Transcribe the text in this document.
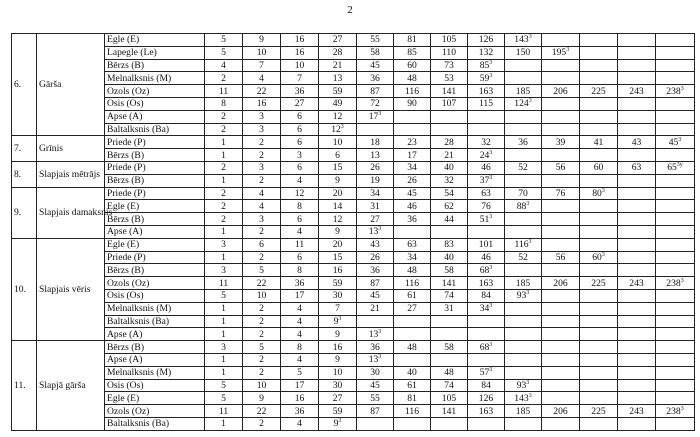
2
6.	Gārša	Egle (E)	5	9	16	27	55	81	105	126	$143^3$				
		Lapegle (Le)	5	10	16	28	58	85	110	132	150	$195^3$			
		Bērzs (B)	4	7	10	21	45	60	73	$85^3$					
		Melnalksnis (M)	2	4	7	13	36	48	53	$59^3$					
		Ozols (Oz)	11	22	36	59	87	116	141	163	185	206	225	243	$238^3$
		Osis (Os)	8	16	27	49	72	90	107	115	$124^3$				
		Apse (A)	2	3	6	12	$17^3$								
		Baltalksnis (Ba)	2	3	6	$12^3$									
7.	Grīnis	Priede (P)	1	2	6	10	18	23	28	32	36	39	41	43	$45^3$
		Bērzs (B)	1	2	3	6	13	17	21	$24^3$					
8.	Slapjais mētrājs	Priede (P)	2	3	6	15	26	34	40	46	52	56	60	63	$65^{3y}$
		Bērzs (B)	1	2	4	9	19	26	32	$37^3$					
9.	Slapjais damaksnis	Priede (P)	2	4	12	20	34	45	54	63	70	76	$80^3$		
		Egle (E)	2	4	8	14	31	46	62	76	$88^3$				
		Bērzs (B)	2	3	6	12	27	36	44	$51^3$					
		Apse (A)	1	2	4	9	$13^3$								
10.	Slapjais vēris	Egle (E)	3	6	11	20	43	63	83	101	$116^3$				
		Priede (P)	1	2	6	15	26	34	40	46	52	56	$60^3$		
		Bērzs (B)	3	5	8	16	36	48	58	$68^3$					
		Ozols (Oz)	11	22	36	59	87	116	141	163	185	206	225	243	$238^3$
		Osis (Os)	5	10	17	30	45	61	74	84	$93^3$				
		Melnalksnis (M)	1	2	4	7	21	27	31	$34^3$					
		Baltalksnis (Ba)	1	2	4	$9^3$									
		Apse (A)	1	2	4	9	$13^3$								
11.	Slapjā gārša	Bērzs (B)	3	5	8	16	36	48	58	$68^3$					
		Apse (A)	1	2	4	9	$13^3$								
		Melnalksnis (M)	1	2	5	10	30	40	48	$57^3$					
		Osis (Os)	5	10	17	30	45	61	74	84	$93^3$				
		Egle (E)	5	9	16	27	55	81	105	126	$143^3$				
		Ozols (Oz)	11	22	36	59	87	116	141	163	185	206	225	243	$238^3$
		Baltalksnis (Ba)	1	2	4	$9^3$									
